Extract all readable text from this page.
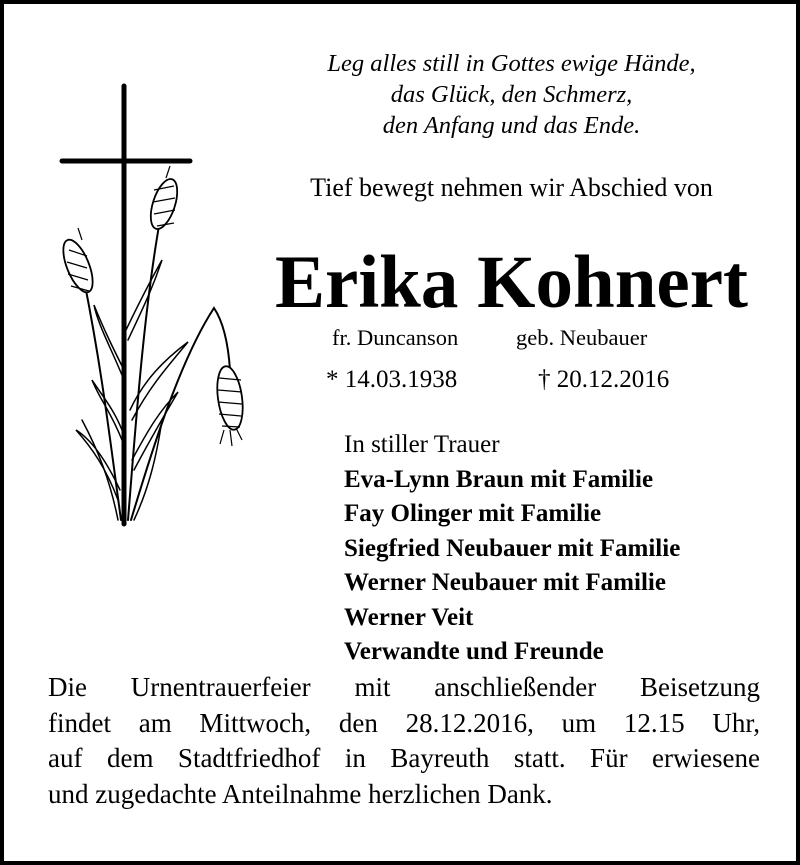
Leg alles still in Gottes ewige Hände,
das Glück, den Schmerz,
den Anfang und das Ende.
Tief bewegt nehmen wir Abschied von
Erika Kohnert
fr. Duncanson	geb. Neubauer
* 14.03.1938	† 20.12.2016
In stiller Trauer
Eva-Lynn Braun mit Familie
Fay Olinger mit Familie
Siegfried Neubauer mit Familie
Werner Neubauer mit Familie
Werner Veit
Verwandte und Freunde
Die Urnentrauerfeier mit anschließender Beisetzung
findet am Mittwoch, den 28.12.2016, um 12.15 Uhr,
auf dem Stadtfriedhof in Bayreuth statt. Für erwiesene
und zugedachte Anteilnahme herzlichen Dank.
